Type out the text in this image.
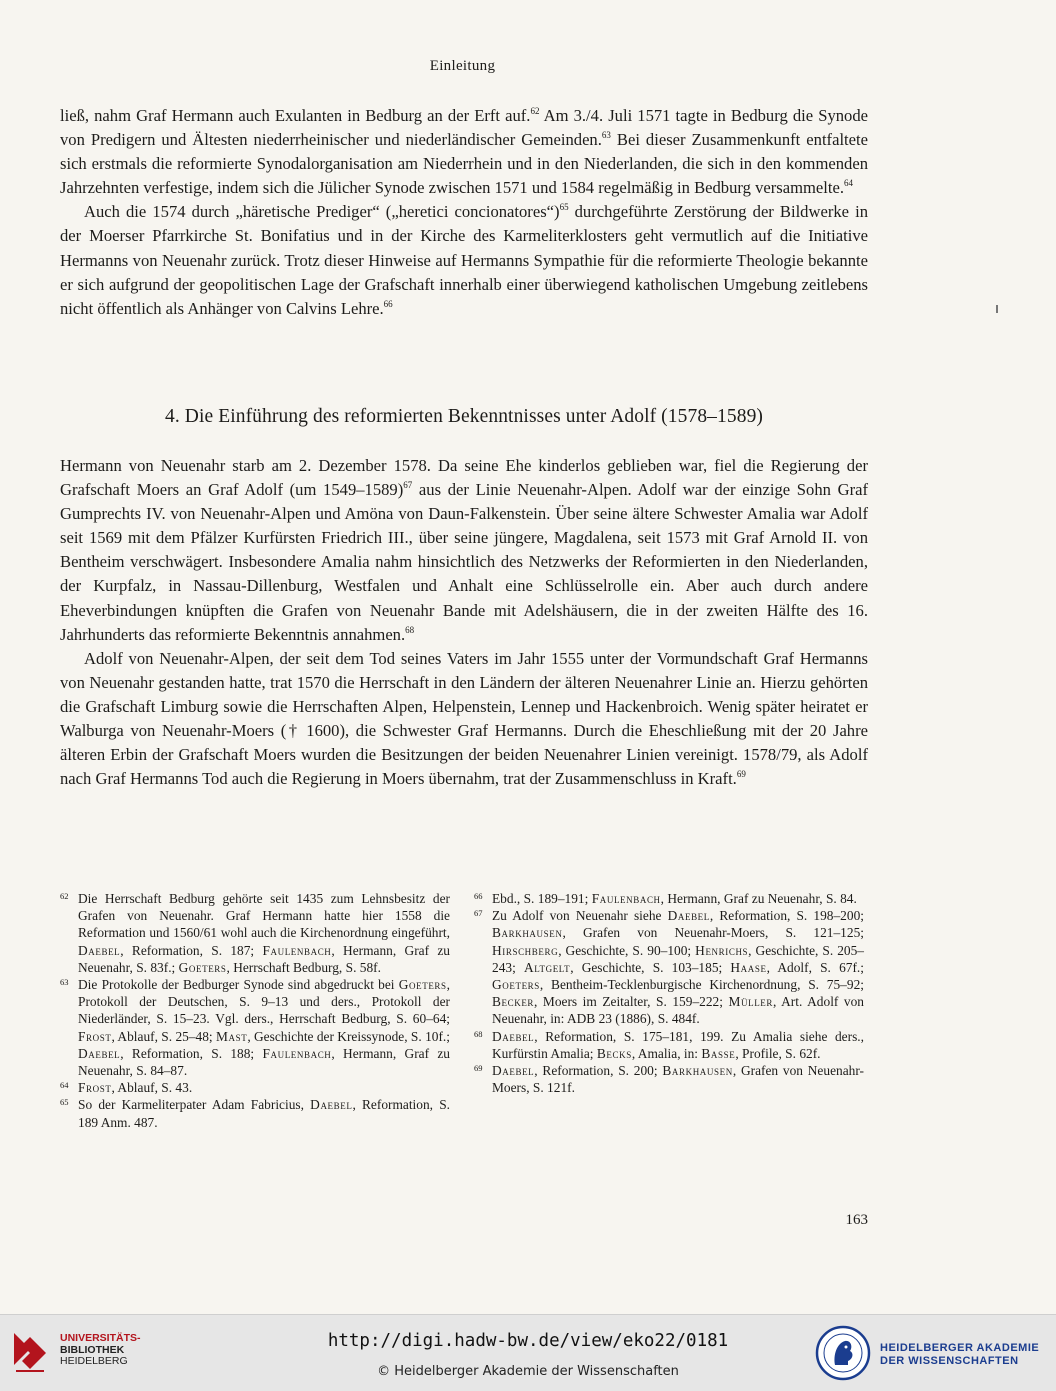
Einleitung

ließ, nahm Graf Hermann auch Exulanten in Bedburg an der Erft auf.$^{62}$ Am 3./4. Juli 1571 tagte in Bedburg die Synode von Predigern und Ältesten niederrheinischer und niederländischer Gemeinden.$^{63}$ Bei dieser Zusammenkunft entfaltete sich erstmals die reformierte Synodalorganisation am Niederrhein und in den Niederlanden, die sich in den kommenden Jahrzehnten verfestige, indem sich die Jülicher Synode zwischen 1571 und 1584 regelmäßig in Bedburg versammelte.$^{64}$

Auch die 1574 durch „häretische Prediger“ („heretici concionatores“)$^{65}$ durchgeführte Zerstörung der Bildwerke in der Moerser Pfarrkirche St. Bonifatius und in der Kirche des Karmeliterklosters geht vermutlich auf die Initiative Hermanns von Neuenahr zurück. Trotz dieser Hinweise auf Hermanns Sympathie für die reformierte Theologie bekannte er sich aufgrund der geopolitischen Lage der Grafschaft innerhalb einer überwiegend katholischen Umgebung zeitlebens nicht öffentlich als Anhänger von Calvins Lehre.$^{66}$

4. Die Einführung des reformierten Bekenntnisses unter Adolf (1578–1589)

Hermann von Neuenahr starb am 2. Dezember 1578. Da seine Ehe kinderlos geblieben war, fiel die Regierung der Grafschaft Moers an Graf Adolf (um 1549–1589)$^{67}$ aus der Linie Neuenahr-Alpen. Adolf war der einzige Sohn Graf Gumprechts IV. von Neuenahr-Alpen und Amöna von Daun-Falkenstein. Über seine ältere Schwester Amalia war Adolf seit 1569 mit dem Pfälzer Kurfürsten Friedrich III., über seine jüngere, Magdalena, seit 1573 mit Graf Arnold II. von Bentheim verschwägert. Insbesondere Amalia nahm hinsichtlich des Netzwerks der Reformierten in den Niederlanden, der Kurpfalz, in Nassau-Dillenburg, Westfalen und Anhalt eine Schlüsselrolle ein. Aber auch durch andere Eheverbindungen knüpften die Grafen von Neuenahr Bande mit Adelshäusern, die in der zweiten Hälfte des 16. Jahrhunderts das reformierte Bekenntnis annahmen.$^{68}$

Adolf von Neuenahr-Alpen, der seit dem Tod seines Vaters im Jahr 1555 unter der Vormundschaft Graf Hermanns von Neuenahr gestanden hatte, trat 1570 die Herrschaft in den Ländern der älteren Neuenahrer Linie an. Hierzu gehörten die Grafschaft Limburg sowie die Herrschaften Alpen, Helpenstein, Lennep und Hackenbroich. Wenig später heiratet er Walburga von Neuenahr-Moers († 1600), die Schwester Graf Hermanns. Durch die Eheschließung mit der 20 Jahre älteren Erbin der Grafschaft Moers wurden die Besitzungen der beiden Neuenahrer Linien vereinigt. 1578/79, als Adolf nach Graf Hermanns Tod auch die Regierung in Moers übernahm, trat der Zusammenschluss in Kraft.$^{69}$

62 Die Herrschaft Bedburg gehörte seit 1435 zum Lehnsbesitz der Grafen von Neuenahr. Graf Hermann hatte hier 1558 die Reformation und 1560/61 wohl auch die Kirchenordnung eingeführt, Daebel, Reformation, S. 187; Faulenbach, Hermann, Graf zu Neuenahr, S. 83f.; Goeters, Herrschaft Bedburg, S. 58f.
63 Die Protokolle der Bedburger Synode sind abgedruckt bei Goeters, Protokoll der Deutschen, S. 9–13 und ders., Protokoll der Niederländer, S. 15–23. Vgl. ders., Herrschaft Bedburg, S. 60–64; Frost, Ablauf, S. 25–48; Mast, Geschichte der Kreissynode, S. 10f.; Daebel, Reformation, S. 188; Faulenbach, Hermann, Graf zu Neuenahr, S. 84–87.
64 Frost, Ablauf, S. 43.
65 So der Karmeliterpater Adam Fabricius, Daebel, Reformation, S. 189 Anm. 487.
66 Ebd., S. 189–191; Faulenbach, Hermann, Graf zu Neuenahr, S. 84.
67 Zu Adolf von Neuenahr siehe Daebel, Reformation, S. 198–200; Barkhausen, Grafen von Neuenahr-Moers, S. 121–125; Hirschberg, Geschichte, S. 90–100; Henrichs, Geschichte, S. 205–243; Altgelt, Geschichte, S. 103–185; Haase, Adolf, S. 67f.; Goeters, Bentheim-Tecklenburgische Kirchenordnung, S. 75–92; Becker, Moers im Zeitalter, S. 159–222; Müller, Art. Adolf von Neuenahr, in: ADB 23 (1886), S. 484f.
68 Daebel, Reformation, S. 175–181, 199. Zu Amalia siehe ders., Kurfürstin Amalia; Becks, Amalia, in: Basse, Profile, S. 62f.
69 Daebel, Reformation, S. 200; Barkhausen, Grafen von Neuenahr-Moers, S. 121f.
163
UNIVERSITÄTS-
BIBLIOTHEK
HEIDELBERG
http://digi.hadw-bw.de/view/eko22/0181
© Heidelberger Akademie der Wissenschaften
HEIDELBERGER AKADEMIE
DER WISSENSCHAFTEN
